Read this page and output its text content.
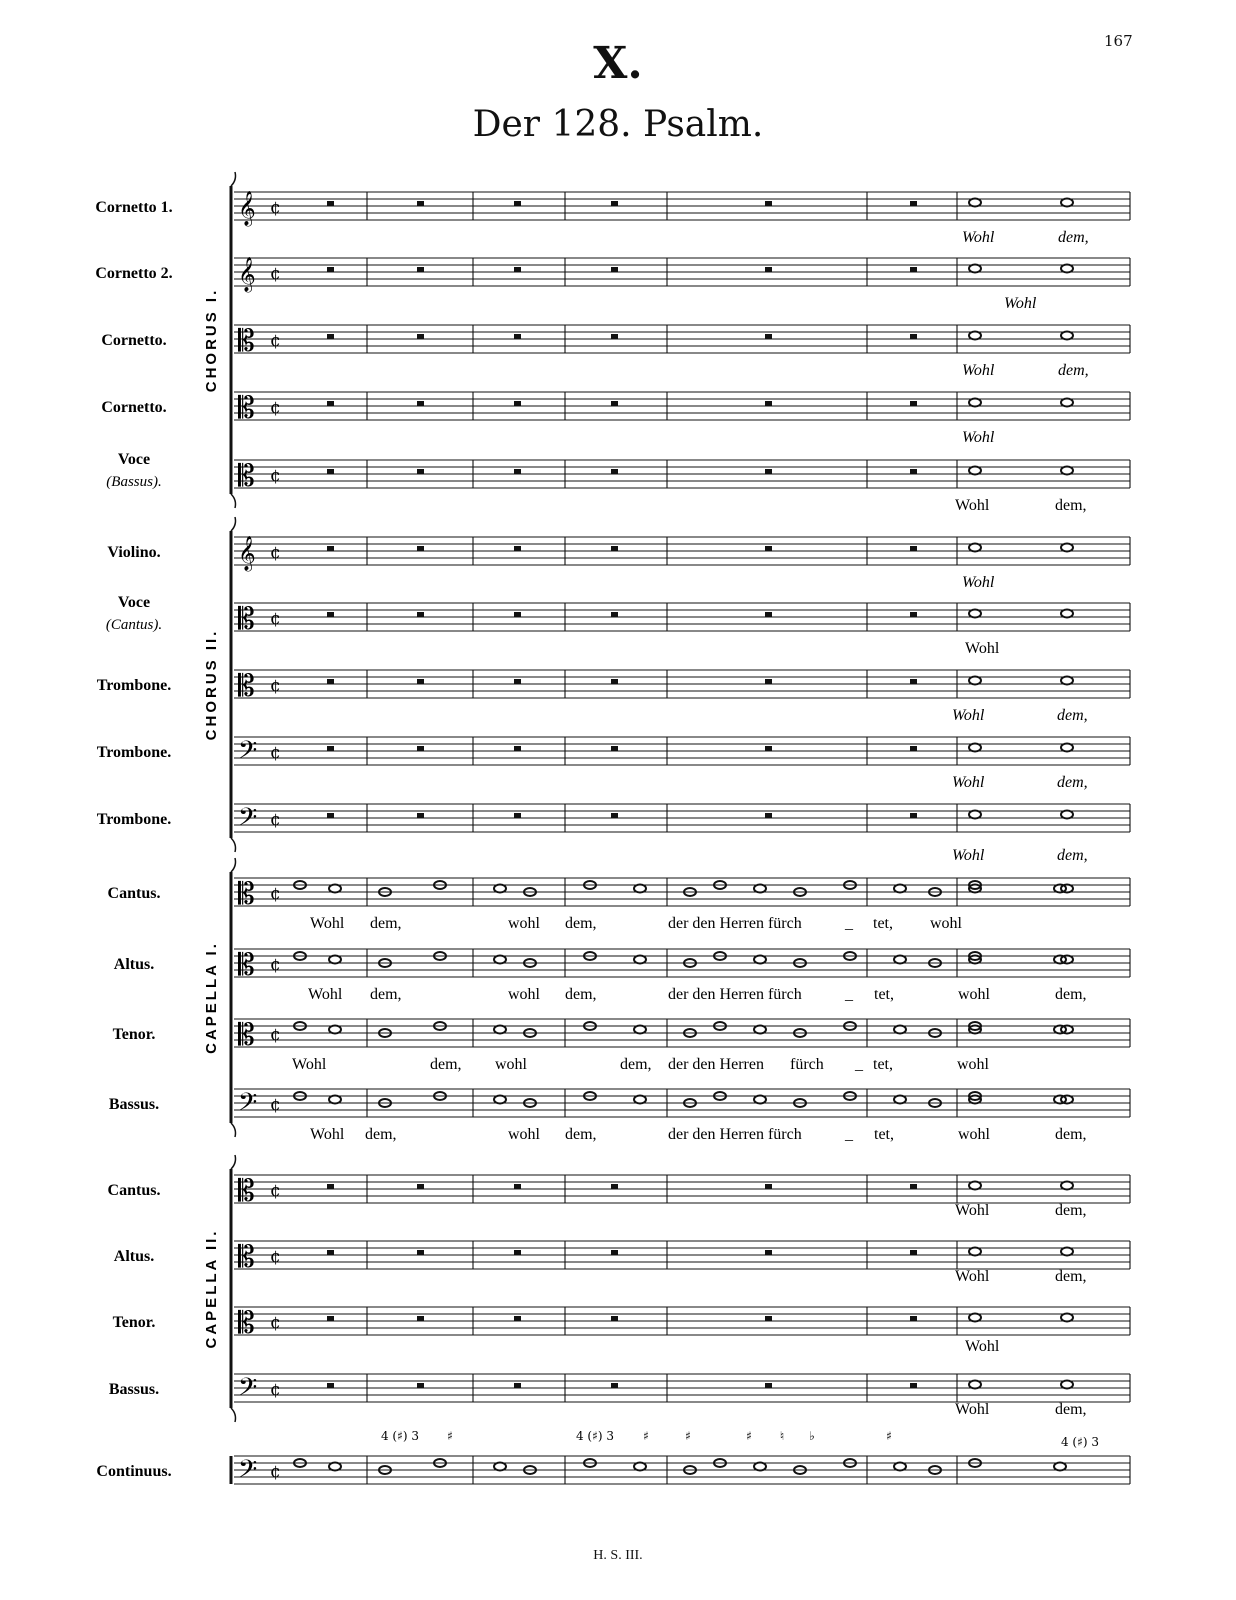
167
X.
Der 128. Psalm.
Cornetto 1. 𝄞 ¢
Wohl	dem,
Cornetto 2. 𝄞 ¢
Wohl
Cornetto. 𝄡 ¢
Wohl	dem,
Cornetto. 𝄡 ¢
Wohl
Voce
(Bassus).	𝄡 ¢
Wohl	dem,
Violino.	𝄞 ¢
Wohl
Voce
(Cantus).	𝄡 ¢
Wohl
Trombone. 𝄡 ¢
Wohl	dem,
Trombone. 𝄢 ¢
Wohl	dem,
Trombone. 𝄢 ¢
Wohl	dem,
Cantus.	𝄡 ¢
Wohl dem,	wohl dem,	der den Herren fürch	_ tet, wohl
Altus.	𝄡 ¢
Wohl dem,	wohl dem,	der den Herren fürch	_ tet,	wohl	dem,
Tenor.	𝄡 ¢
Wohl	dem, wohl	dem, der den Herren fürch _ tet,	wohl
Bassus.	𝄢 ¢
Wohl dem,	wohl dem,	der den Herren fürch	_ tet,	wohl	dem,
Cantus.	𝄡 ¢
Wohl	dem,
Altus.	𝄡 ¢
Wohl	dem,
Tenor.	𝄡 ¢
Wohl
Bassus.	𝄢 ¢
Wohl	dem,
Continuus. 𝄢 ¢
4 (♯) 3 ♯	4 (♯) 3 ♯	♯	♯ ♮ ♭	♯	4 (♯) 3
CHORUS I.
CHORUS II.
CAPELLA I.
CAPELLA II.
H. S. III.
